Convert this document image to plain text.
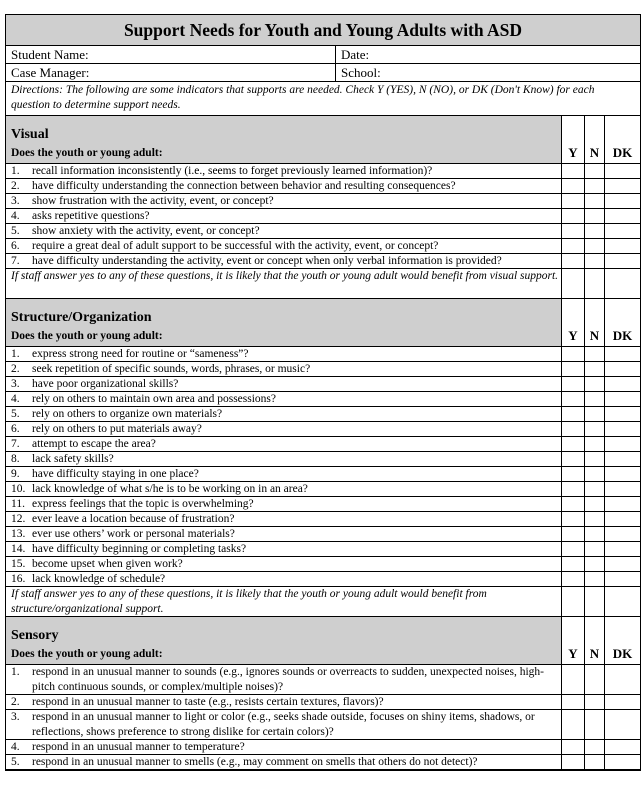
Support Needs for Youth and Young Adults with ASD
Student Name:	Date:
Case Manager:	School:
Directions: The following are some indicators that supports are needed. Check Y (YES), N (NO), or DK (Don't Know) for each question to determine support needs.
Visual
Does the youth or young adult:	Y N	DK
1.	recall information inconsistently (i.e., seems to forget previously learned information)?
2.	have difficulty understanding the connection between behavior and resulting consequences?
3.	show frustration with the activity, event, or concept?
4.	asks repetitive questions?
5.	show anxiety with the activity, event, or concept?
6.	require a great deal of adult support to be successful with the activity, event, or concept?
7.	have difficulty understanding the activity, event or concept when only verbal information is provided?
If staff answer yes to any of these questions, it is likely that the youth or young adult would benefit from visual support.
Structure/Organization
Does the youth or young adult:	Y N	DK
1.	express strong need for routine or “sameness”?
2.	seek repetition of specific sounds, words, phrases, or music?
3.	have poor organizational skills?
4.	rely on others to maintain own area and possessions?
5.	rely on others to organize own materials?
6.	rely on others to put materials away?
7.	attempt to escape the area?
8.	lack safety skills?
9.	have difficulty staying in one place?
10. lack knowledge of what s/he is to be working on in an area?
11. express feelings that the topic is overwhelming?
12. ever leave a location because of frustration?
13. ever use others’ work or personal materials?
14. have difficulty beginning or completing tasks?
15. become upset when given work?
16. lack knowledge of schedule?
If staff answer yes to any of these questions, it is likely that the youth or young adult would benefit from structure/organizational support.
Sensory
Does the youth or young adult:	Y N	DK
1.	respond in an unusual manner to sounds (e.g., ignores sounds or overreacts to sudden, unexpected noises, high-pitch continuous sounds, or complex/multiple noises)?
2.	respond in an unusual manner to taste (e.g., resists certain textures, flavors)?
3.	respond in an unusual manner to light or color (e.g., seeks shade outside, focuses on shiny items, shadows, or reflections, shows preference to strong dislike for certain colors)?
4.	respond in an unusual manner to temperature?
5.	respond in an unusual manner to smells (e.g., may comment on smells that others do not detect)?
